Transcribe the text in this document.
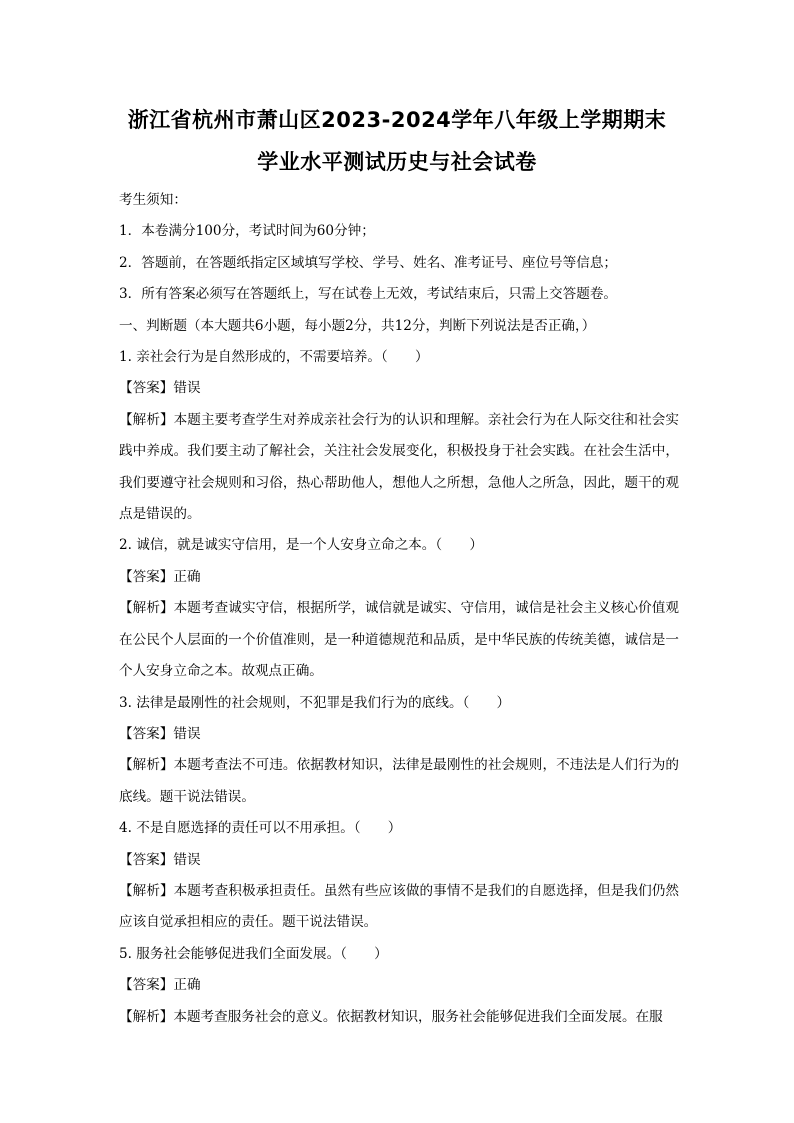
浙江省杭州市萧山区2023-2024学年八年级上学期期末
学业水平测试历史与社会试卷

考生须知：

1．本卷满分100分，考试时间为60分钟；

2．答题前，在答题纸指定区域填写学校、学号、姓名、准考证号、座位号等信息；

3．所有答案必须写在答题纸上，写在试卷上无效，考试结束后，只需上交答题卷。

一、判断题（本大题共6小题，每小题2分，共12分，判断下列说法是否正确，）

1. 亲社会行为是自然形成的，不需要培养。（　　）

【答案】错误

【解析】本题主要考查学生对养成亲社会行为的认识和理解。亲社会行为在人际交往和社会实践中养成。我们要主动了解社会，关注社会发展变化，积极投身于社会实践。在社会生活中，我们要遵守社会规则和习俗，热心帮助他人，想他人之所想，急他人之所急，因此，题干的观点是错误的。

2. 诚信，就是诚实守信用，是一个人安身立命之本。（　　）

【答案】正确

【解析】本题考查诚实守信，根据所学，诚信就是诚实、守信用，诚信是社会主义核心价值观在公民个人层面的一个价值准则，是一种道德规范和品质，是中华民族的传统美德，诚信是一个人安身立命之本。故观点正确。

3. 法律是最刚性的社会规则，不犯罪是我们行为的底线。（　　）

【答案】错误

【解析】本题考查法不可违。依据教材知识，法律是最刚性的社会规则，不违法是人们行为的底线。题干说法错误。

4. 不是自愿选择的责任可以不用承担。（　　）

【答案】错误

【解析】本题考查积极承担责任。虽然有些应该做的事情不是我们的自愿选择，但是我们仍然应该自觉承担相应的责任。题干说法错误。

5. 服务社会能够促进我们全面发展。（　　）

【答案】正确

【解析】本题考查服务社会的意义。依据教材知识，服务社会能够促进我们全面发展。在服
